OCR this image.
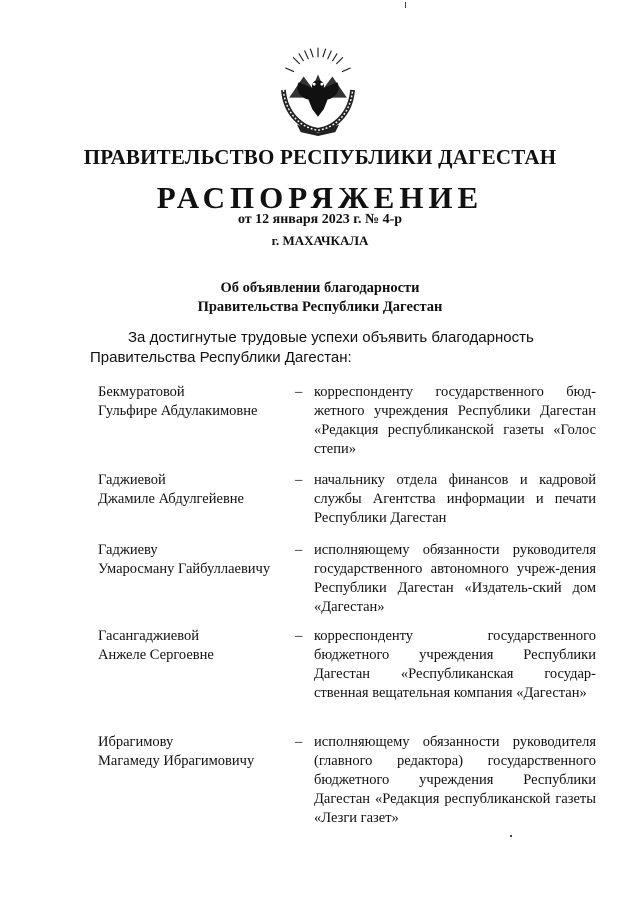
ПРАВИТЕЛЬСТВО РЕСПУБЛИКИ ДАГЕСТАН
РАСПОРЯЖЕНИЕ
от 12 января 2023 г. № 4-р
г. МАХАЧКАЛА
Об объявлении благодарности
Правительства Республики Дагестан
За достигнутые трудовые успехи объявить благодарность Правительства Республики Дагестан:
Бекмуратовой
Гульфире Абдулакимовне
– корреспонденту государственного бюд-жетного учреждения Республики Дагестан «Редакция республиканской газеты «Голос степи»
Гаджиевой
Джамиле Абдулгейевне
– начальнику отдела финансов и кадровой службы Агентства информации и печати Республики Дагестан
Гаджиеву
Умаросману Гайбуллаевичу
– исполняющему обязанности руководителя государственного автономного учреж-дения Республики Дагестан «Издатель-ский дом «Дагестан»
Гасангаджиевой
Анжеле Сергоевне
– корреспонденту государственного бюджетного учреждения Республики Дагестан «Республиканская государ-ственная вещательная компания «Дагестан»
Ибрагимову
Магамеду Ибрагимовичу
– исполняющему обязанности руководителя (главного редактора) государственного бюджетного учреждения Республики Дагестан «Редакция республиканской газеты «Лезги газет»
